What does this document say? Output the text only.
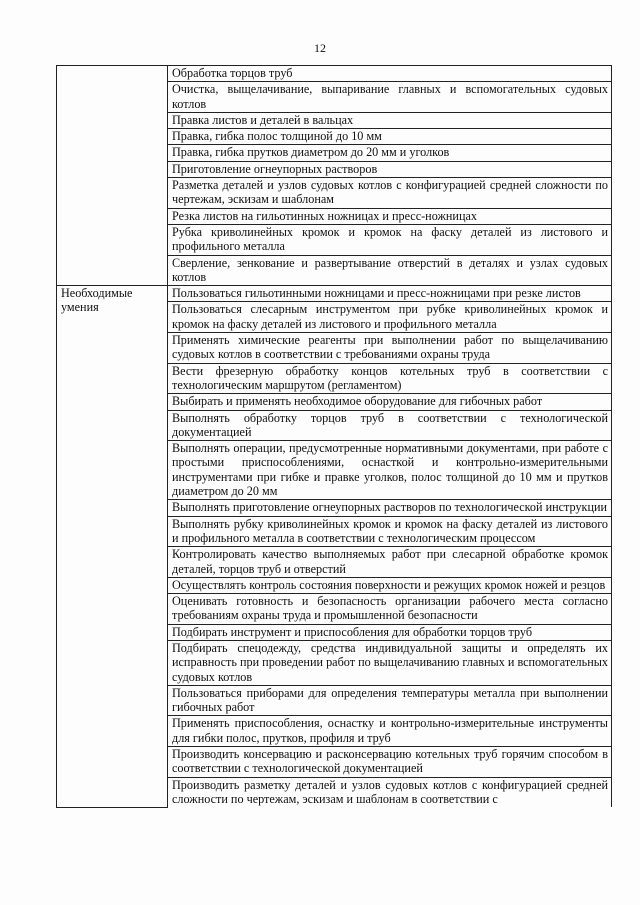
12
	Обработка торцов труб
	Очистка, выщелачивание, выпаривание главных и вспомогательных судовых котлов
	Правка листов и деталей в вальцах
	Правка, гибка полос толщиной до 10 мм
	Правка, гибка прутков диаметром до 20 мм и уголков
	Приготовление огнеупорных растворов
	Разметка деталей и узлов судовых котлов с конфигурацией средней сложности по чертежам, эскизам и шаблонам
	Резка листов на гильотинных ножницах и пресс-ножницах
	Рубка криволинейных кромок и кромок на фаску деталей из листового и профильного металла
	Сверление, зенкование и развертывание отверстий в деталях и узлах судовых котлов
Необходимые умения	Пользоваться гильотинными ножницами и пресс-ножницами при резке листов
	Пользоваться слесарным инструментом при рубке криволинейных кромок и кромок на фаску деталей из листового и профильного металла
	Применять химические реагенты при выполнении работ по выщелачиванию судовых котлов в соответствии с требованиями охраны труда
	Вести фрезерную обработку концов котельных труб в соответствии с технологическим маршрутом (регламентом)
	Выбирать и применять необходимое оборудование для гибочных работ
	Выполнять обработку торцов труб в соответствии с технологической документацией
	Выполнять операции, предусмотренные нормативными документами, при работе с простыми приспособлениями, оснасткой и контрольно-измерительными инструментами при гибке и правке уголков, полос толщиной до 10 мм и прутков диаметром до 20 мм
	Выполнять приготовление огнеупорных растворов по технологической инструкции
	Выполнять рубку криволинейных кромок и кромок на фаску деталей из листового и профильного металла в соответствии с технологическим процессом
	Контролировать качество выполняемых работ при слесарной обработке кромок деталей, торцов труб и отверстий
	Осуществлять контроль состояния поверхности и режущих кромок ножей и резцов
	Оценивать готовность и безопасность организации рабочего места согласно требованиям охраны труда и промышленной безопасности
	Подбирать инструмент и приспособления для обработки торцов труб
	Подбирать спецодежду, средства индивидуальной защиты и определять их исправность при проведении работ по выщелачиванию главных и вспомогательных судовых котлов
	Пользоваться приборами для определения температуры металла при выполнении гибочных работ
	Применять приспособления, оснастку и контрольно-измерительные инструменты для гибки полос, прутков, профиля и труб
	Производить консервацию и расконсервацию котельных труб горячим способом в соответствии с технологической документацией
	Производить разметку деталей и узлов судовых котлов с конфигурацией средней сложности по чертежам, эскизам и шаблонам в соответствии с
